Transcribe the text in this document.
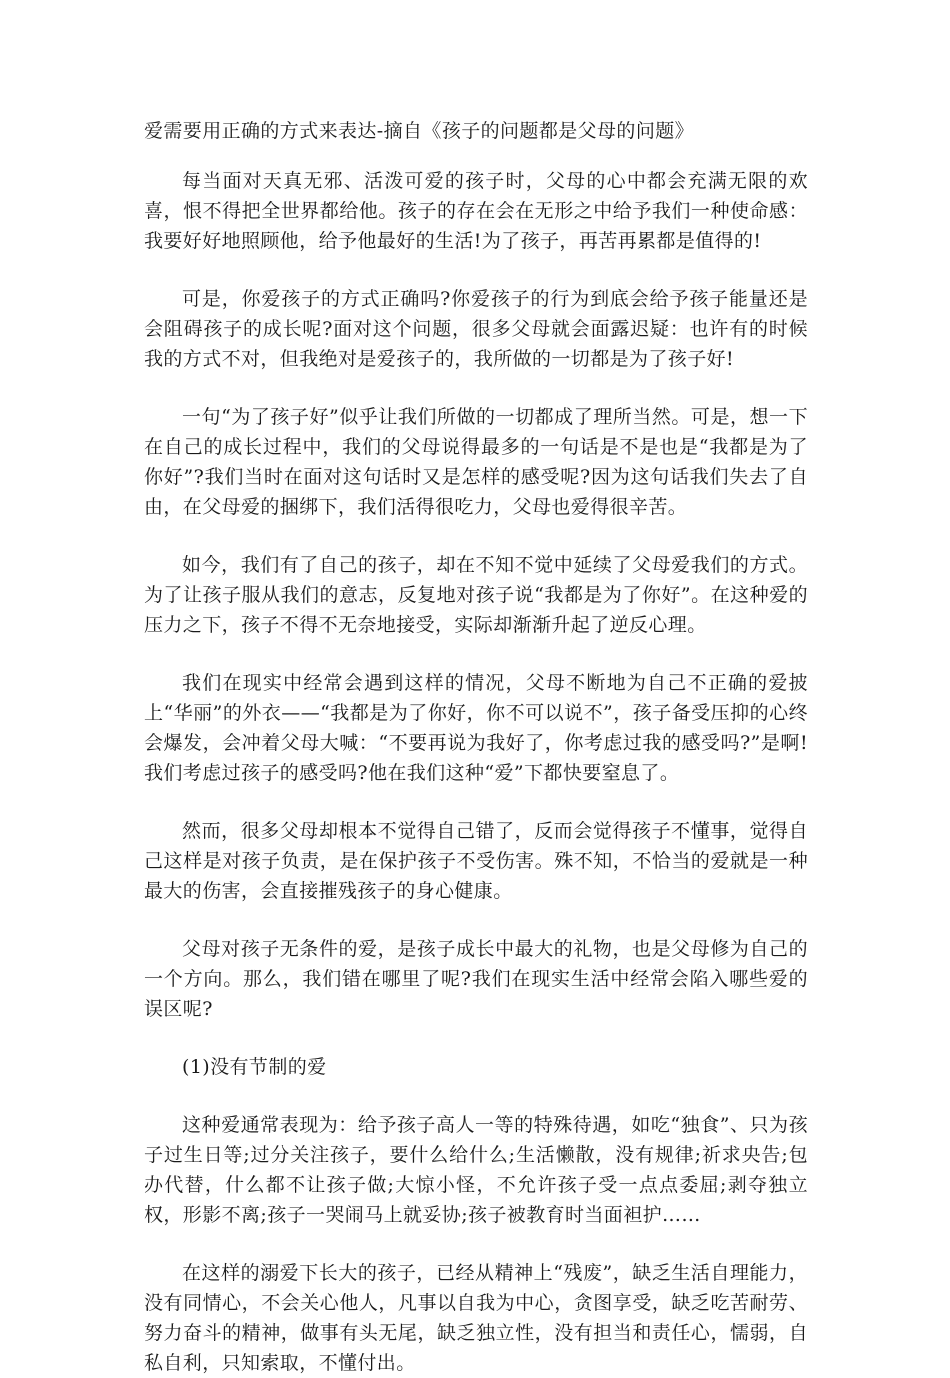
爱需要用正确的方式来表达-摘自《孩子的问题都是父母的问题》

每当面对天真无邪、活泼可爱的孩子时，父母的心中都会充满无限的欢喜，恨不得把全世界都给他。孩子的存在会在无形之中给予我们一种使命感：我要好好地照顾他，给予他最好的生活!为了孩子，再苦再累都是值得的!

可是，你爱孩子的方式正确吗?你爱孩子的行为到底会给予孩子能量还是会阻碍孩子的成长呢?面对这个问题，很多父母就会面露迟疑：也许有的时候我的方式不对，但我绝对是爱孩子的，我所做的一切都是为了孩子好!

一句“为了孩子好”似乎让我们所做的一切都成了理所当然。可是，想一下在自己的成长过程中，我们的父母说得最多的一句话是不是也是“我都是为了你好”?我们当时在面对这句话时又是怎样的感受呢?因为这句话我们失去了自由，在父母爱的捆绑下，我们活得很吃力，父母也爱得很辛苦。

如今，我们有了自己的孩子，却在不知不觉中延续了父母爱我们的方式。为了让孩子服从我们的意志，反复地对孩子说“我都是为了你好”。在这种爱的压力之下，孩子不得不无奈地接受，实际却渐渐升起了逆反心理。

我们在现实中经常会遇到这样的情况，父母不断地为自己不正确的爱披上“华丽”的外衣——“我都是为了你好，你不可以说不”，孩子备受压抑的心终会爆发，会冲着父母大喊：“不要再说为我好了，你考虑过我的感受吗?”是啊!我们考虑过孩子的感受吗?他在我们这种“爱”下都快要窒息了。

然而，很多父母却根本不觉得自己错了，反而会觉得孩子不懂事，觉得自己这样是对孩子负责，是在保护孩子不受伤害。殊不知，不恰当的爱就是一种最大的伤害，会直接摧残孩子的身心健康。

父母对孩子无条件的爱，是孩子成长中最大的礼物，也是父母修为自己的一个方向。那么，我们错在哪里了呢?我们在现实生活中经常会陷入哪些爱的误区呢?

(1)没有节制的爱

这种爱通常表现为：给予孩子高人一等的特殊待遇，如吃“独食”、只为孩子过生日等;过分关注孩子，要什么给什么;生活懒散，没有规律;祈求央告;包办代替，什么都不让孩子做;大惊小怪，不允许孩子受一点点委屈;剥夺独立权，形影不离;孩子一哭闹马上就妥协;孩子被教育时当面袒护……

在这样的溺爱下长大的孩子，已经从精神上“残废”，缺乏生活自理能力，没有同情心，不会关心他人，凡事以自我为中心，贪图享受，缺乏吃苦耐劳、努力奋斗的精神，做事有头无尾，缺乏独立性，没有担当和责任心，懦弱，自私自利，只知索取，不懂付出。
